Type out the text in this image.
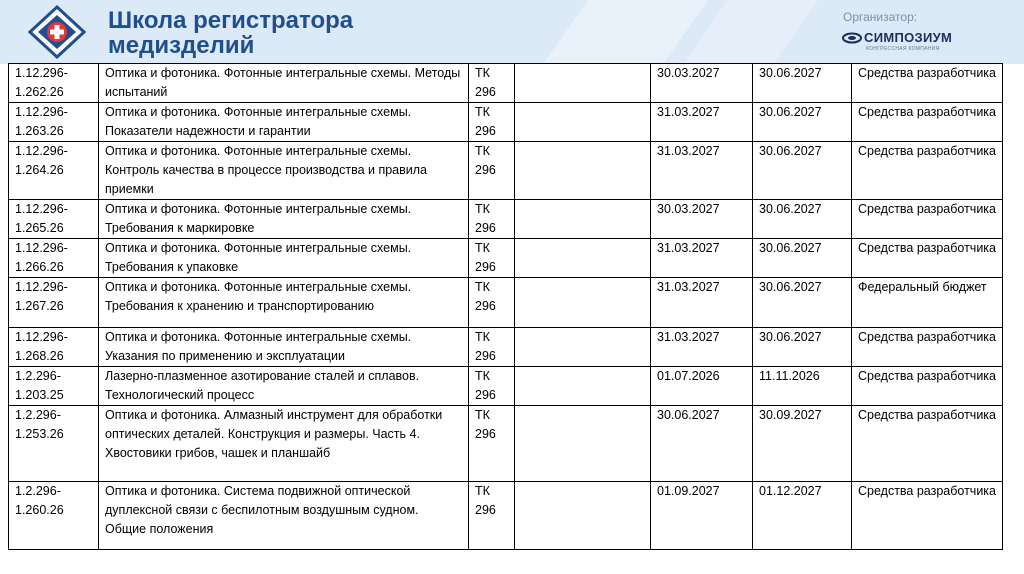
Школа регистратора
медизделий
Организатор:
СИМПОЗИУМ
КОНГРЕССНАЯ КОМПАНИЯ
1.12.296-1.262.26	Оптика и фотоника. Фотонные интегральные схемы. Методы испытаний	ТК 296		30.03.2027	30.06.2027	Средства разработчика
1.12.296-1.263.26	Оптика и фотоника. Фотонные интегральные схемы. Показатели надежности и гарантии	ТК 296		31.03.2027	30.06.2027	Средства разработчика
1.12.296-1.264.26	Оптика и фотоника. Фотонные интегральные схемы. Контроль качества в процессе производства и правила приемки	ТК 296		31.03.2027	30.06.2027	Средства разработчика
1.12.296-1.265.26	Оптика и фотоника. Фотонные интегральные схемы. Требования к маркировке	ТК 296		30.03.2027	30.06.2027	Средства разработчика
1.12.296-1.266.26	Оптика и фотоника. Фотонные интегральные схемы. Требования к упаковке	ТК 296		31.03.2027	30.06.2027	Средства разработчика
1.12.296-1.267.26	Оптика и фотоника. Фотонные интегральные схемы. Требования к хранению и транспортированию	ТК 296		31.03.2027	30.06.2027	Федеральный бюджет
1.12.296-1.268.26	Оптика и фотоника. Фотонные интегральные схемы. Указания по применению и эксплуатации	ТК 296		31.03.2027	30.06.2027	Средства разработчика
1.2.296-1.203.25	Лазерно-плазменное азотирование сталей и сплавов. Технологический процесс	ТК 296		01.07.2026	11.11.2026	Средства разработчика
1.2.296-1.253.26	Оптика и фотоника. Алмазный инструмент для обработки оптических деталей. Конструкция и размеры. Часть 4. Хвостовики грибов, чашек и планшайб	ТК 296		30.06.2027	30.09.2027	Средства разработчика
1.2.296-1.260.26	Оптика и фотоника. Система подвижной оптической дуплексной связи с беспилотным воздушным судном. Общие положения	ТК 296		01.09.2027	01.12.2027	Средства разработчика
